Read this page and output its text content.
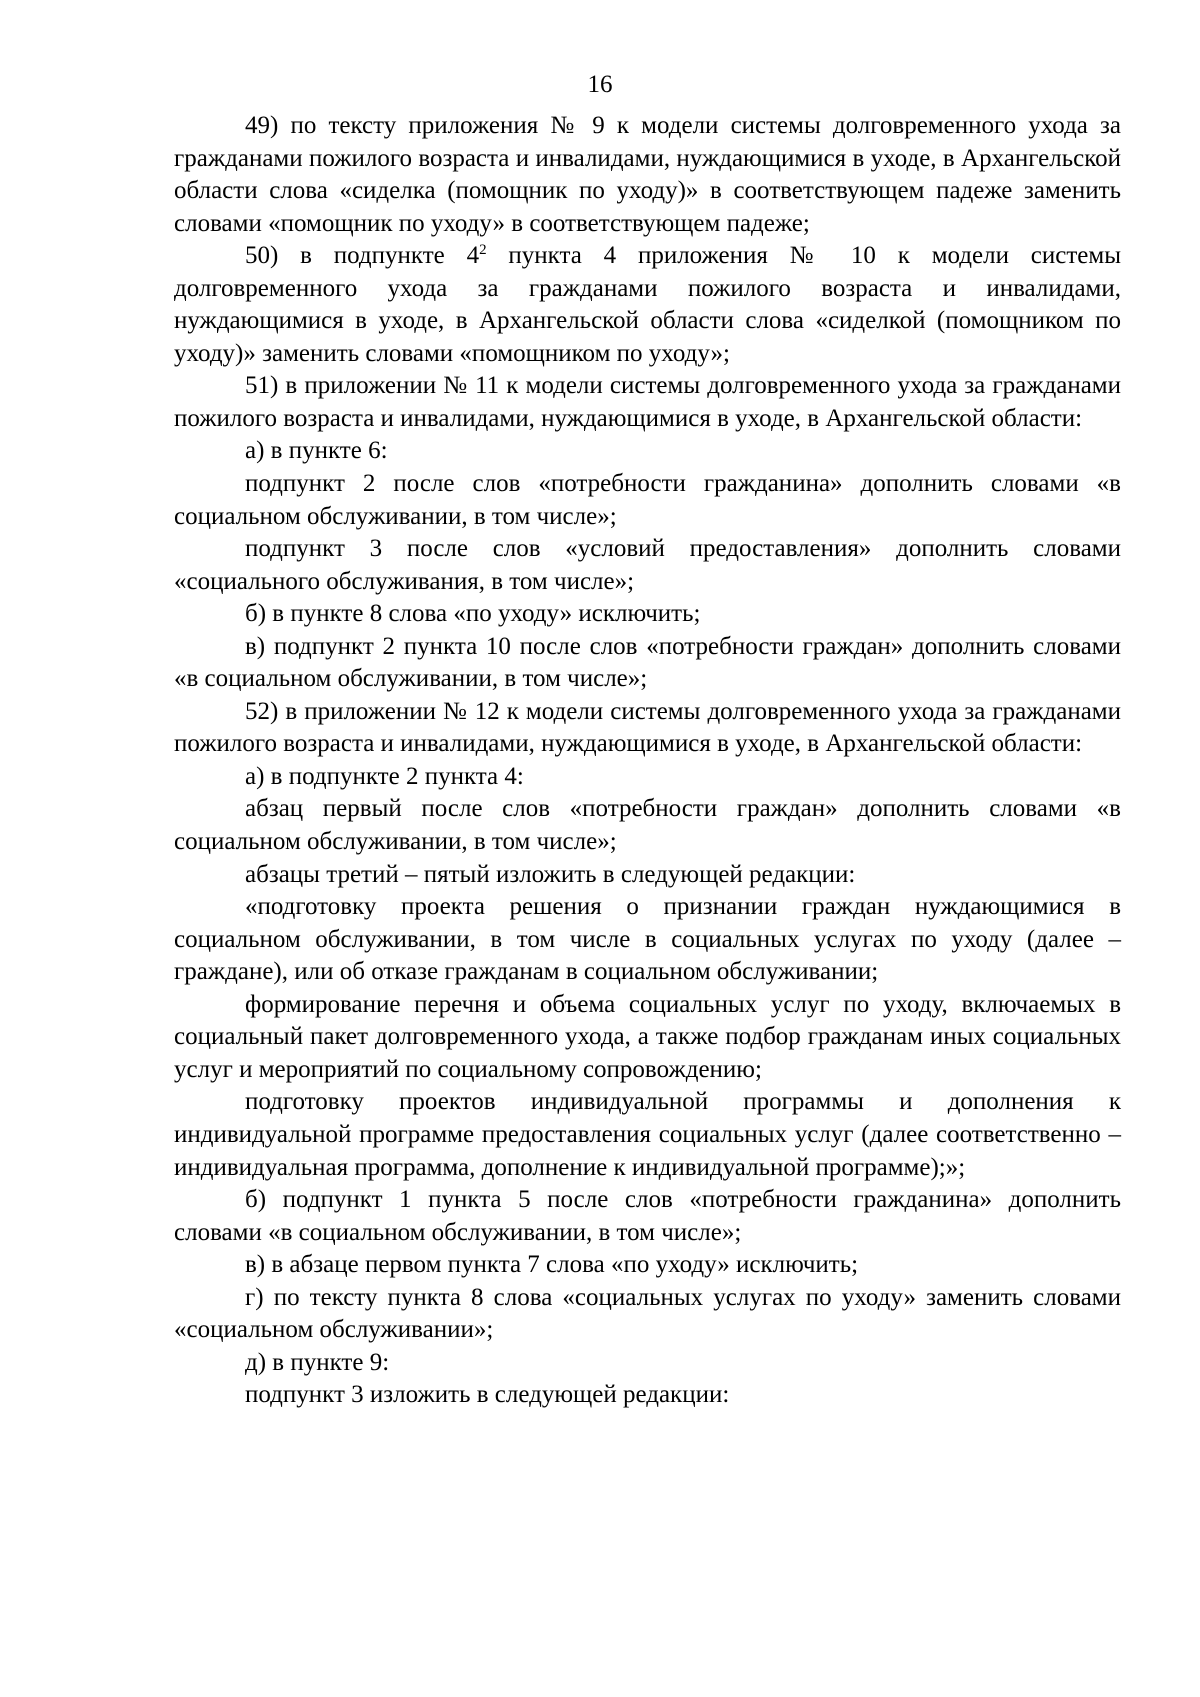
16

49) по тексту приложения № 9 к модели системы долговременного ухода за гражданами пожилого возраста и инвалидами, нуждающимися в уходе, в Архангельской области слова «сиделка (помощник по уходу)» в соответствующем падеже заменить словами «помощник по уходу» в соответствующем падеже;

50) в подпункте $4^2$ пункта 4 приложения № 10 к модели системы долговременного ухода за гражданами пожилого возраста и инвалидами, нуждающимися в уходе, в Архангельской области слова «сиделкой (помощником по уходу)» заменить словами «помощником по уходу»;

51) в приложении № 11 к модели системы долговременного ухода за гражданами пожилого возраста и инвалидами, нуждающимися в уходе, в Архангельской области:

а) в пункте 6:

подпункт 2 после слов «потребности гражданина» дополнить словами «в социальном обслуживании, в том числе»;

подпункт 3 после слов «условий предоставления» дополнить словами «социального обслуживания, в том числе»;

б) в пункте 8 слова «по уходу» исключить;

в) подпункт 2 пункта 10 после слов «потребности граждан» дополнить словами «в социальном обслуживании, в том числе»;

52) в приложении № 12 к модели системы долговременного ухода за гражданами пожилого возраста и инвалидами, нуждающимися в уходе, в Архангельской области:

а) в подпункте 2 пункта 4:

абзац первый после слов «потребности граждан» дополнить словами «в социальном обслуживании, в том числе»;

абзацы третий – пятый изложить в следующей редакции:

«подготовку проекта решения о признании граждан нуждающимися в социальном обслуживании, в том числе в социальных услугах по уходу (далее – граждане), или об отказе гражданам в социальном обслуживании;

формирование перечня и объема социальных услуг по уходу, включаемых в социальный пакет долговременного ухода, а также подбор гражданам иных социальных услуг и мероприятий по социальному сопровождению;

подготовку проектов индивидуальной программы и дополнения к индивидуальной программе предоставления социальных услуг (далее соответственно – индивидуальная программа, дополнение к индивидуальной программе);»;

б) подпункт 1 пункта 5 после слов «потребности гражданина» дополнить словами «в социальном обслуживании, в том числе»;

в) в абзаце первом пункта 7 слова «по уходу» исключить;

г) по тексту пункта 8 слова «социальных услугах по уходу» заменить словами «социальном обслуживании»;

д) в пункте 9:

подпункт 3 изложить в следующей редакции:
